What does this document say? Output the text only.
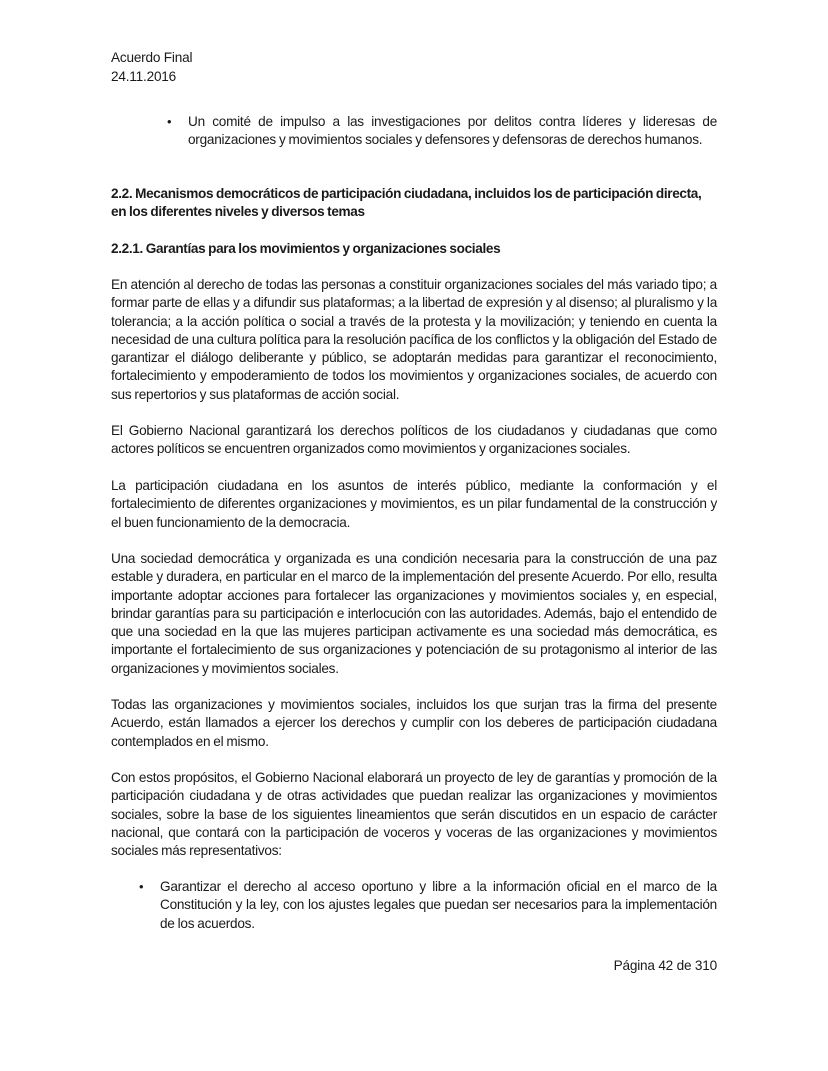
Acuerdo Final
24.11.2016
• Un comité de impulso a las investigaciones por delitos contra líderes y lideresas de organizaciones y movimientos sociales y defensores y defensoras de derechos humanos.
2.2. Mecanismos democráticos de participación ciudadana, incluidos los de participación directa, en los diferentes niveles y diversos temas
2.2.1. Garantías para los movimientos y organizaciones sociales

En atención al derecho de todas las personas a constituir organizaciones sociales del más variado tipo; a formar parte de ellas y a difundir sus plataformas; a la libertad de expresión y al disenso; al pluralismo y la tolerancia; a la acción política o social a través de la protesta y la movilización; y teniendo en cuenta la necesidad de una cultura política para la resolución pacífica de los conflictos y la obligación del Estado de garantizar el diálogo deliberante y público, se adoptarán medidas para garantizar el reconocimiento, fortalecimiento y empoderamiento de todos los movimientos y organizaciones sociales, de acuerdo con sus repertorios y sus plataformas de acción social.

El Gobierno Nacional garantizará los derechos políticos de los ciudadanos y ciudadanas que como actores políticos se encuentren organizados como movimientos y organizaciones sociales.

La participación ciudadana en los asuntos de interés público, mediante la conformación y el fortalecimiento de diferentes organizaciones y movimientos, es un pilar fundamental de la construcción y el buen funcionamiento de la democracia.

Una sociedad democrática y organizada es una condición necesaria para la construcción de una paz estable y duradera, en particular en el marco de la implementación del presente Acuerdo. Por ello, resulta importante adoptar acciones para fortalecer las organizaciones y movimientos sociales y, en especial, brindar garantías para su participación e interlocución con las autoridades. Además, bajo el entendido de que una sociedad en la que las mujeres participan activamente es una sociedad más democrática, es importante el fortalecimiento de sus organizaciones y potenciación de su protagonismo al interior de las organizaciones y movimientos sociales.

Todas las organizaciones y movimientos sociales, incluidos los que surjan tras la firma del presente Acuerdo, están llamados a ejercer los derechos y cumplir con los deberes de participación ciudadana contemplados en el mismo.

Con estos propósitos, el Gobierno Nacional elaborará un proyecto de ley de garantías y promoción de la participación ciudadana y de otras actividades que puedan realizar las organizaciones y movimientos sociales, sobre la base de los siguientes lineamientos que serán discutidos en un espacio de carácter nacional, que contará con la participación de voceros y voceras de las organizaciones y movimientos sociales más representativos:

• Garantizar el derecho al acceso oportuno y libre a la información oficial en el marco de la Constitución y la ley, con los ajustes legales que puedan ser necesarios para la implementación de los acuerdos.
Página 42 de 310
